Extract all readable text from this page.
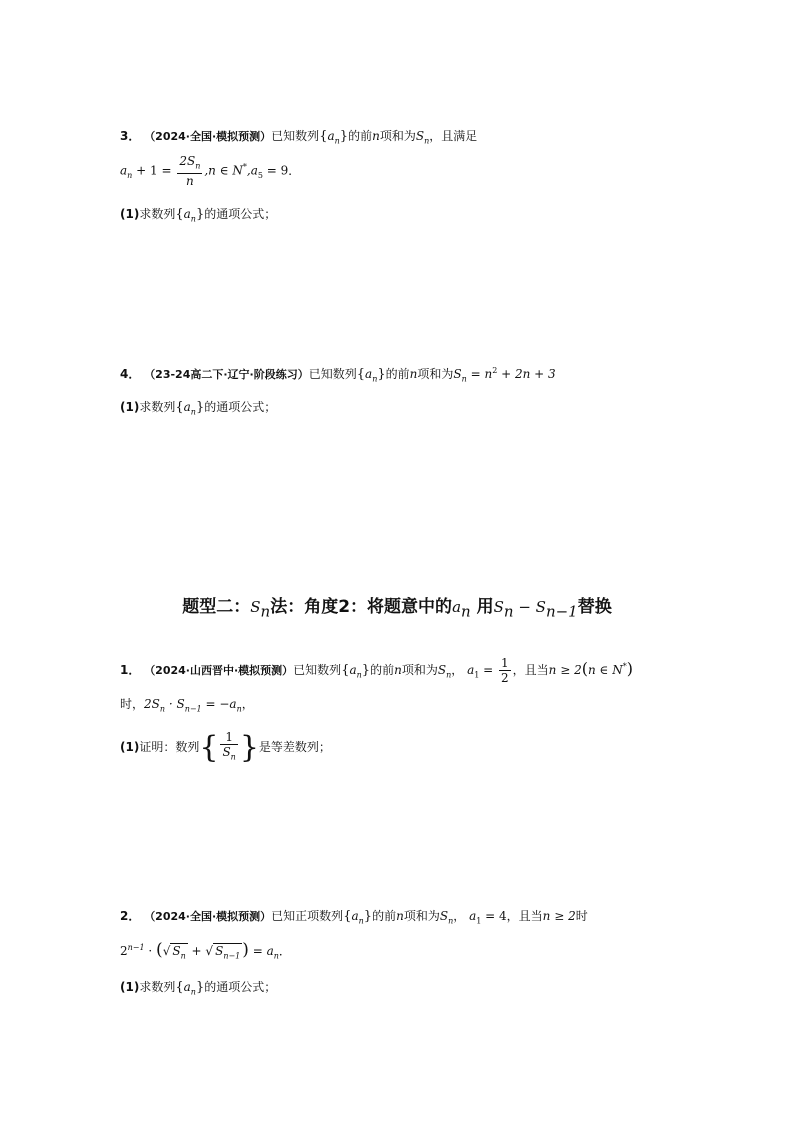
3． （2024·全国·模拟预测）已知数列$\{a_n\}$的前n项和为$S_n$，且满足
$a_n + 1 = \frac{2S_n}{n} ,n$ ∈ $N^*,a_5 = 9$．
(1)求数列$\{a_n\}$的通项公式；
4． （23-24高二下·辽宁·阶段练习）已知数列$\{a_n\}$的前n项和为$S_n = n^2 + 2n + 3$
(1)求数列$\{a_n\}$的通项公式；
题型二：$S_n$法：角度2：将题意中的$a_n$ 用$S_n - S_{n-1}$替换
1． （2024·山西晋中·模拟预测）已知数列$\{a_n\}$的前n项和为$S_n$， $a_1 = \frac{1}{2}$ ，且当n ≥ 2(n ∈ N*)
时，$2S_n \cdot S_{n-1} = -a_n$，
(1)证明：数列{ $\frac{1}{S_n}$ }是等差数列；
2． （2024·全国·模拟预测）已知正项数列$\{a_n\}$的前n项和为$S_n$， $a_1 = 4$，且当n ≥ 2时
$2^{n-1}$ · (√ $S_n$ + √ $S_{n-1}$ ) = $a_n$．
(1)求数列$\{a_n\}$的通项公式；
